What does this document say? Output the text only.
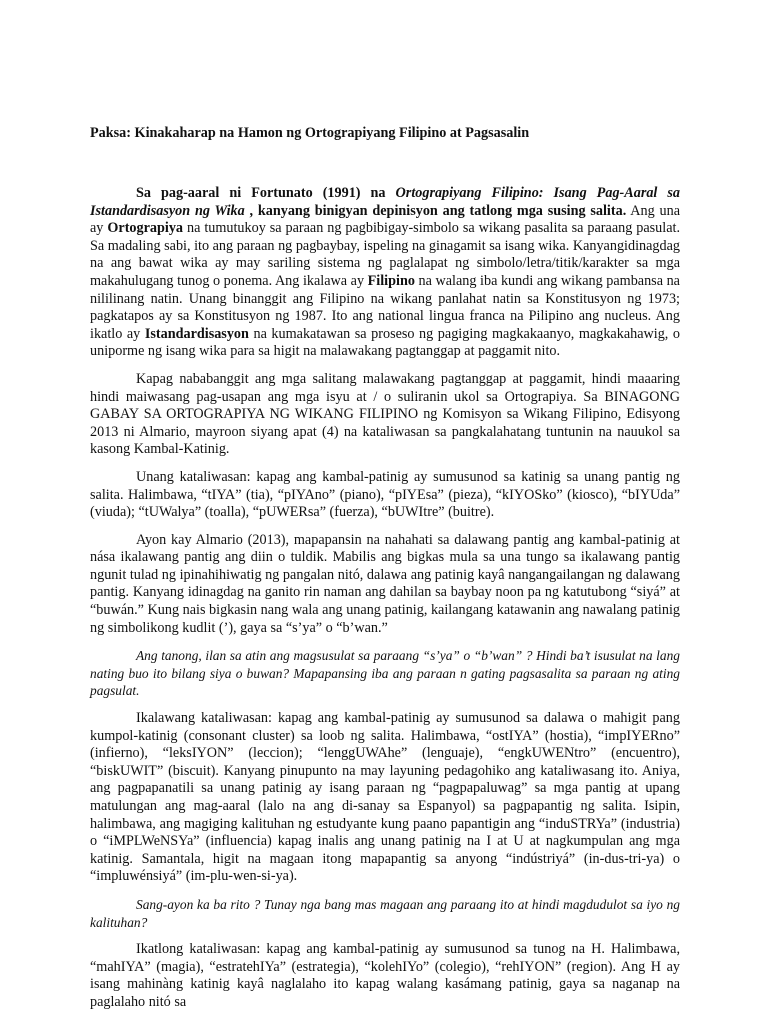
Paksa: Kinakaharap na Hamon ng Ortograpiyang Filipino at Pagsasalin

Sa pag-aaral ni Fortunato (1991) na Ortograpiyang Filipino: Isang Pag-Aaral sa Istandardisasyon ng Wika , kanyang binigyan depinisyon ang tatlong mga susing salita. Ang una ay Ortograpiya na tumutukoy sa paraan ng pagbibigay-simbolo sa wikang pasalita sa paraang pasulat. Sa madaling sabi, ito ang paraan ng pagbaybay, ispeling na ginagamit sa isang wika. Kanyangidinagdag na ang bawat wika ay may sariling sistema ng paglalapat ng simbolo/letra/titik/karakter sa mga makahulugang tunog o ponema. Ang ikalawa ay Filipino na walang iba kundi ang wikang pambansa na nililinang natin. Unang binanggit ang Filipino na wikang panlahat natin sa Konstitusyon ng 1973; pagkatapos ay sa Konstitusyon ng 1987. Ito ang national lingua franca na Pilipino ang nucleus. Ang ikatlo ay Istandardisasyon na kumakatawan sa proseso ng pagiging magkakaanyo, magkakahawig, o uniporme ng isang wika para sa higit na malawakang pagtanggap at paggamit nito.

Kapag nababanggit ang mga salitang malawakang pagtanggap at paggamit, hindi maaaring hindi maiwasang pag-usapan ang mga isyu at / o suliranin ukol sa Ortograpiya. Sa BINAGONG GABAY SA ORTOGRAPIYA NG WIKANG FILIPINO ng Komisyon sa Wikang Filipino, Edisyong 2013 ni Almario, mayroon siyang apat (4) na kataliwasan sa pangkalahatang tuntunin na nauukol sa kasong Kambal-Katinig.

Unang kataliwasan: kapag ang kambal-patinig ay sumusunod sa katinig sa unang pantig ng salita. Halimbawa, “tIYA” (tia), “pIYAno” (piano), “pIYEsa” (pieza), “kIYOSko” (kiosco), “bIYUda” (viuda); “tUWalya” (toalla), “pUWERsa” (fuerza), “bUWItre” (buitre).

Ayon kay Almario (2013), mapapansin na nahahati sa dalawang pantig ang kambal-patinig at nása ikalawang pantig ang diin o tuldik. Mabilis ang bigkas mula sa una tungo sa ikalawang pantig ngunit tulad ng ipinahihiwatig ng pangalan nitó, dalawa ang patinig kayâ nangangailangan ng dalawang pantig. Kanyang idinagdag na ganito rin naman ang dahilan sa baybay noon pa ng katutubong “siyá” at “buwán.” Kung nais bigkasin nang wala ang unang patinig, kailangang katawanin ang nawalang patinig ng simbolikong kudlit (’), gaya sa “s’ya” o “b’wan.”

Ang tanong, ilan sa atin ang magsusulat sa paraang “s’ya” o “b’wan” ? Hindi ba’t isusulat na lang nating buo ito bilang siya o buwan? Mapapansing iba ang paraan n gating pagsasalita sa paraan ng ating pagsulat.

Ikalawang kataliwasan: kapag ang kambal-patinig ay sumusunod sa dalawa o mahigit pang kumpol-katinig (consonant cluster) sa loob ng salita. Halimbawa, “ostIYA” (hostia), “impIYERno” (infierno), “leksIYON” (leccion); “lenggUWAhe” (lenguaje), “engkUWENtro” (encuentro), “biskUWIT” (biscuit). Kanyang pinupunto na may layuning pedagohiko ang kataliwasang ito. Aniya, ang pagpapanatili sa unang patinig ay isang paraan ng “pagpapaluwag” sa mga pantig at upang matulungan ang mag-aaral (lalo na ang di-sanay sa Espanyol) sa pagpapantig ng salita. Isipin, halimbawa, ang magiging kalituhan ng estudyante kung paano papantigin ang “induSTRYa” (industria) o “iMPLWeNSYa” (influencia) kapag inalis ang unang patinig na I at U at nagkumpulan ang mga katinig. Samantala, higit na magaan itong mapapantig sa anyong “indústriyá” (in-dus-tri-ya) o “impluwénsiyá” (im-plu-wen-si-ya).

Sang-ayon ka ba rito ? Tunay nga bang mas magaan ang paraang ito at hindi magdudulot sa iyo ng kalituhan?

Ikatlong kataliwasan: kapag ang kambal-patinig ay sumusunod sa tunog na H. Halimbawa, “mahIYA” (magia), “estratehIYa” (estrategia), “kolehIYo” (colegio), “rehIYON” (region). Ang H ay isang mahinàng katinig kayâ naglalaho ito kapag walang kasámang patinig, gaya sa naganap na paglalaho nitó sa
